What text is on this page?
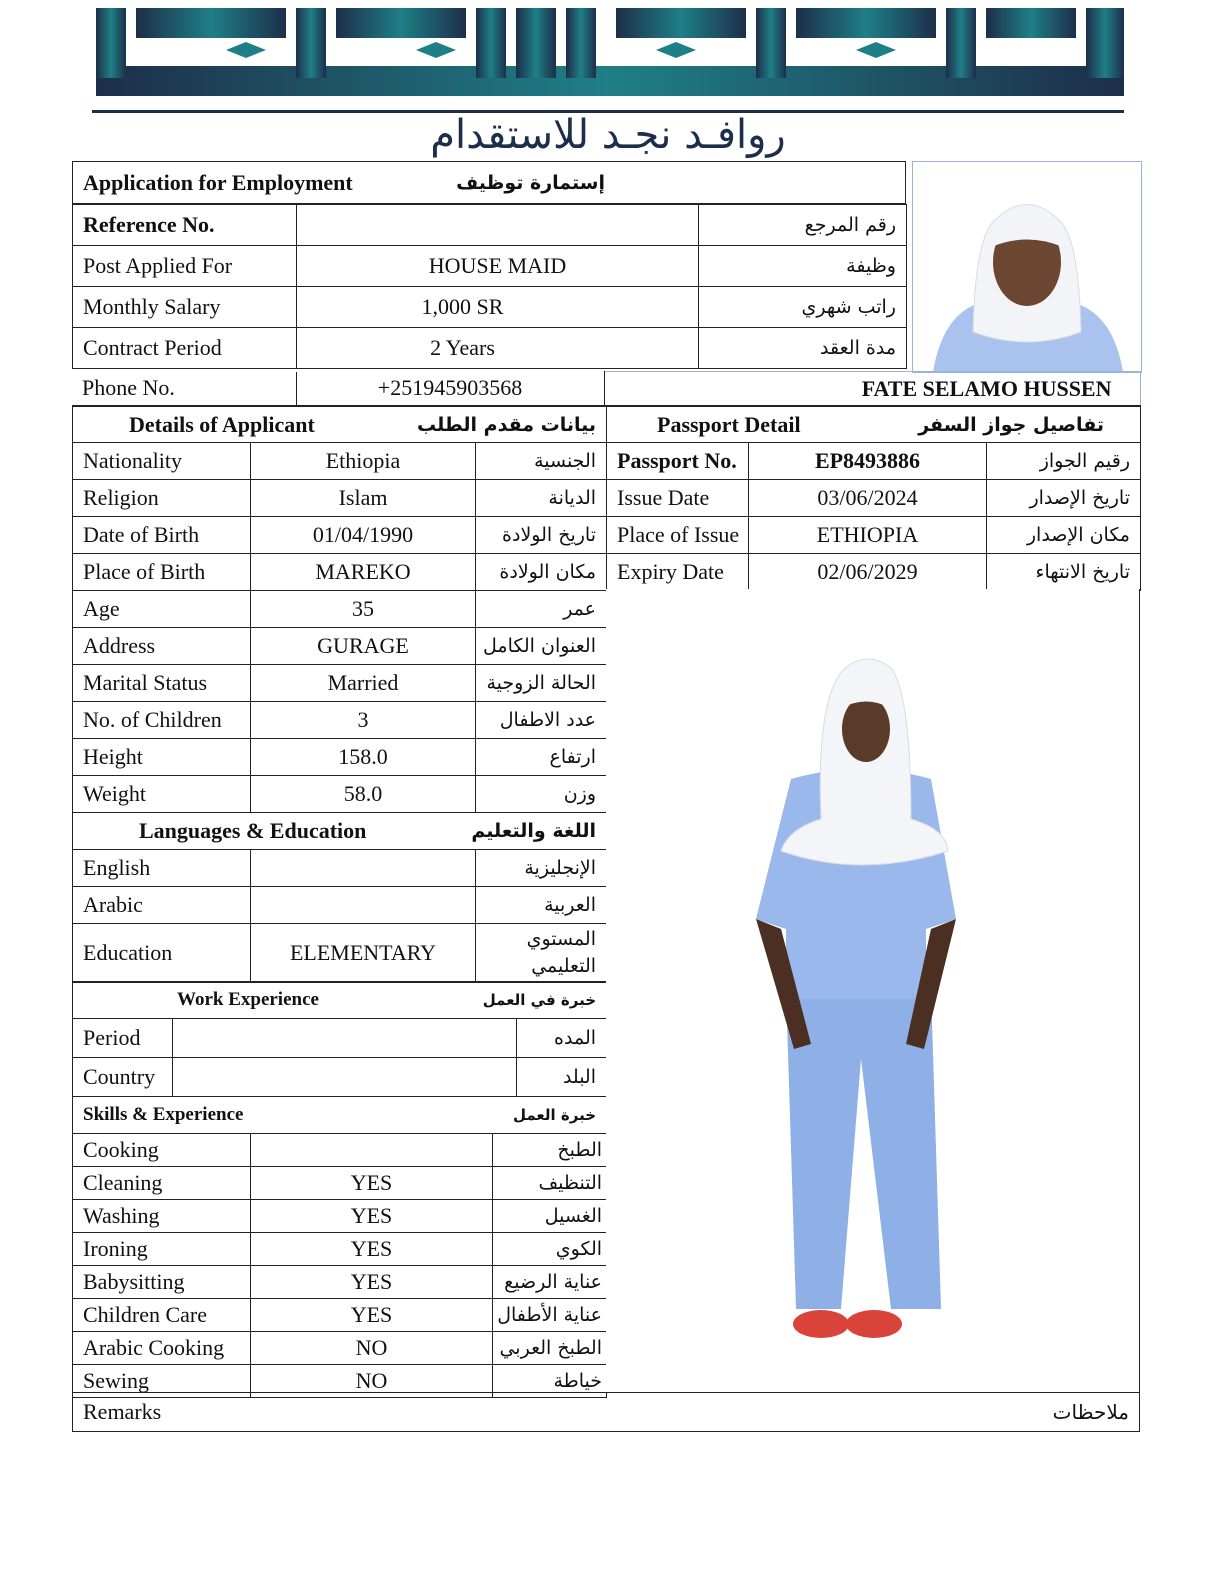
روافـد نجـد للاستقدام
Application for Employment	إستمارة توظيف
Reference No.		رقم المرجع
Post Applied For	HOUSE MAID	وظيفة
Monthly Salary	1,000 SR	راتب شهري
Contract Period	2 Years	مدة العقد
Phone No.	+251945903568	FATE SELAMO HUSSEN
Details of Applicant		بيانات مقدم الطلب
Nationality	Ethiopia	الجنسية
Religion	Islam	الديانة
Date of Birth	01/04/1990	تاريخ الولادة
Place of Birth	MAREKO	مكان الولادة
Age	35	عمر
Address	GURAGE	العنوان الكامل
Marital Status	Married	الحالة الزوجية
No. of Children	3	عدد الاطفال
Height	158.0	ارتفاع
Weight	58.0	وزن
Languages & Education		اللغة والتعليم
English		الإنجليزية
Arabic		العربية
Education	ELEMENTARY	المستوي التعليمي
Work Experience		خبرة في العمل
Period		المده
Country		البلد
Skills & Experience		خبرة العمل
Cooking		الطبخ
Cleaning	YES	التنظيف
Washing	YES	الغسيل
Ironing	YES	الكوي
Babysitting	YES	عناية الرضيع
Children Care	YES	عناية الأطفال
Arabic Cooking	NO	الطبخ العربي
Sewing	NO	خياطة
Passport Detail		تفاصيل جواز السفر
Passport No.	EP8493886	رقيم الجواز
Issue Date	03/06/2024	تاريخ الإصدار
Place of Issue	ETHIOPIA	مكان الإصدار
Expiry Date	02/06/2029	تاريخ الانتهاء
Remarks	ملاحظات
